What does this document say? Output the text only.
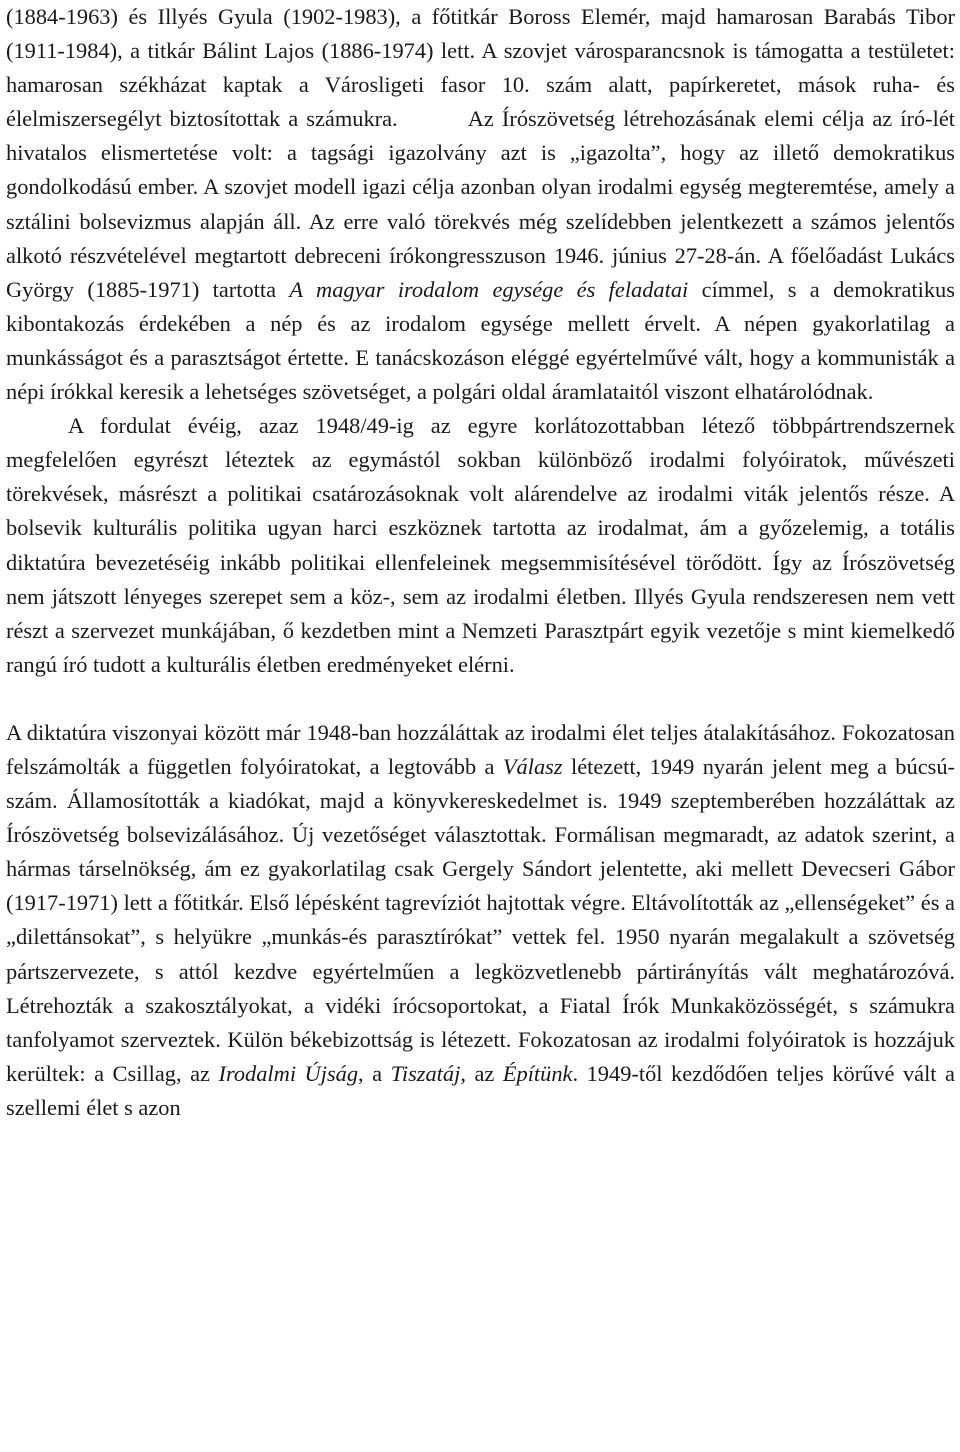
(1884-1963) és Illyés Gyula (1902-1983), a főtitkár Boross Elemér, majd hamarosan Barabás Tibor (1911-1984), a titkár Bálint Lajos (1886-1974) lett. A szovjet városparancsnok is támogatta a testületet: hamarosan székházat kaptak a Városligeti fasor 10. szám alatt, papírkeretet, mások ruha- és élelmiszersegélyt biztosítottak a számukra.	Az Írószövetség létrehozásának elemi célja az író-lét hivatalos elismertetése volt: a tagsági igazolvány azt is „igazolta”, hogy az illető demokratikus gondolkodású ember. A szovjet modell igazi célja azonban olyan irodalmi egység megteremtése, amely a sztálini bolsevizmus alapján áll. Az erre való törekvés még szelídebben jelentkezett a számos jelentős alkotó részvételével megtartott debreceni írókongresszuson 1946. június 27-28-án. A főelőadást Lukács György (1885-1971) tartotta A magyar irodalom egysége és feladatai címmel, s a demokratikus kibontakozás érdekében a nép és az irodalom egysége mellett érvelt. A népen gyakorlatilag a munkásságot és a parasztságot értette. E tanácskozáson eléggé egyértelművé vált, hogy a kommunisták a népi írókkal keresik a lehetséges szövetséget, a polgári oldal áramlataitól viszont elhatárolódnak.

A fordulat évéig, azaz 1948/49-ig az egyre korlátozottabban létező többpártrendszernek megfelelően egyrészt léteztek az egymástól sokban különböző irodalmi folyóiratok, művészeti törekvések, másrészt a politikai csatározásoknak volt alárendelve az irodalmi viták jelentős része. A bolsevik kulturális politika ugyan harci eszköznek tartotta az irodalmat, ám a győzelemig, a totális diktatúra bevezetéséig inkább politikai ellenfeleinek megsemmisítésével törődött. Így az Írószövetség nem játszott lényeges szerepet sem a köz-, sem az irodalmi életben. Illyés Gyula rendszeresen nem vett részt a szervezet munkájában, ő kezdetben mint a Nemzeti Parasztpárt egyik vezetője s mint kiemelkedő rangú író tudott a kulturális életben eredményeket elérni.

A diktatúra viszonyai között már 1948-ban hozzáláttak az irodalmi élet teljes átalakításához. Fokozatosan felszámolták a független folyóiratokat, a legtovább a Válasz létezett, 1949 nyarán jelent meg a búcsú-szám. Államosították a kiadókat, majd a könyvkereskedelmet is. 1949 szeptemberében hozzáláttak az Írószövetség bolsevizálásához. Új vezetőséget választottak. Formálisan megmaradt, az adatok szerint, a hármas társelnökség, ám ez gyakorlatilag csak Gergely Sándort jelentette, aki mellett Devecseri Gábor (1917-1971) lett a főtitkár. Első lépésként tagrevíziót hajtottak végre. Eltávolították az „ellenségeket” és a „dilettánsokat”, s helyükre „munkás-és parasztírókat” vettek fel. 1950 nyarán megalakult a szövetség pártszervezete, s attól kezdve egyértelműen a legközvetlenebb pártirányítás vált meghatározóvá. Létrehozták a szakosztályokat, a vidéki írócsoportokat, a Fiatal Írók Munkaközösségét, s számukra tanfolyamot szerveztek. Külön békebizottság is létezett. Fokozatosan az irodalmi folyóiratok is hozzájuk kerültek: a Csillag, az Irodalmi Újság, a Tiszatáj, az Építünk. 1949-től kezdődően teljes körűvé vált a szellemi élet s azon
